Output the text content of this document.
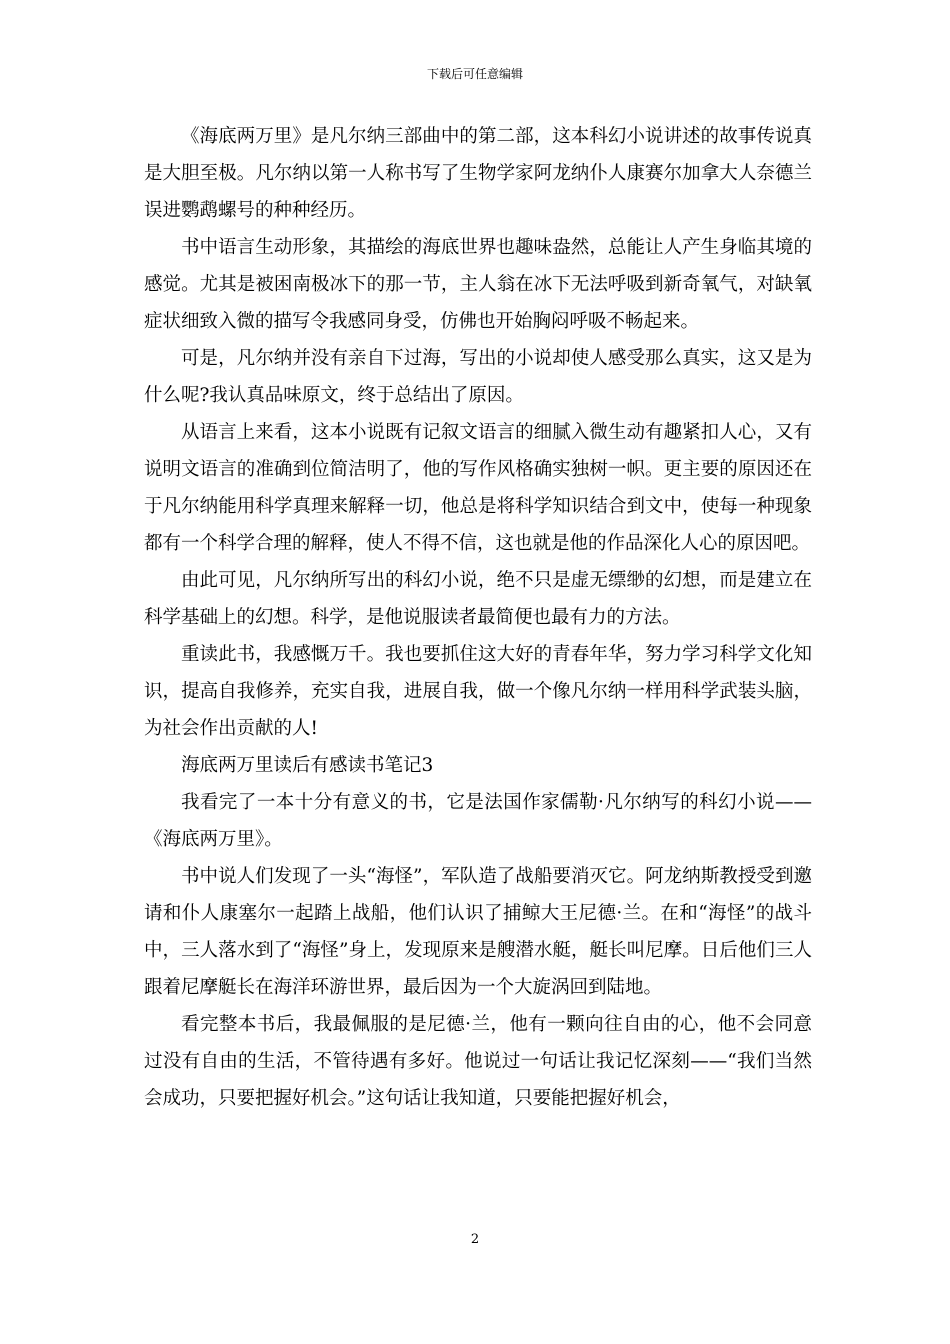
下载后可任意编辑

《海底两万里》是凡尔纳三部曲中的第二部，这本科幻小说讲述的故事传说真是大胆至极。凡尔纳以第一人称书写了生物学家阿龙纳仆人康赛尔加拿大人奈德兰误进鹦鹉螺号的种种经历。

书中语言生动形象，其描绘的海底世界也趣味盎然，总能让人产生身临其境的感觉。尤其是被困南极冰下的那一节，主人翁在冰下无法呼吸到新奇氧气，对缺氧症状细致入微的描写令我感同身受，仿佛也开始胸闷呼吸不畅起来。

可是，凡尔纳并没有亲自下过海，写出的小说却使人感受那么真实，这又是为什么呢?我认真品味原文，终于总结出了原因。

从语言上来看，这本小说既有记叙文语言的细腻入微生动有趣紧扣人心，又有说明文语言的准确到位简洁明了，他的写作风格确实独树一帜。更主要的原因还在于凡尔纳能用科学真理来解释一切，他总是将科学知识结合到文中，使每一种现象都有一个科学合理的解释，使人不得不信，这也就是他的作品深化人心的原因吧。

由此可见，凡尔纳所写出的科幻小说，绝不只是虚无缥缈的幻想，而是建立在科学基础上的幻想。科学，是他说服读者最简便也最有力的方法。

重读此书，我感慨万千。我也要抓住这大好的青春年华，努力学习科学文化知识，提高自我修养，充实自我，进展自我，做一个像凡尔纳一样用科学武装头脑，为社会作出贡献的人!

海底两万里读后有感读书笔记3

我看完了一本十分有意义的书，它是法国作家儒勒·凡尔纳写的科幻小说——《海底两万里》。

书中说人们发现了一头“海怪”，军队造了战船要消灭它。阿龙纳斯教授受到邀请和仆人康塞尔一起踏上战船，他们认识了捕鲸大王尼德·兰。在和“海怪”的战斗中，三人落水到了“海怪”身上，发现原来是艘潜水艇，艇长叫尼摩。日后他们三人跟着尼摩艇长在海洋环游世界，最后因为一个大旋涡回到陆地。

看完整本书后，我最佩服的是尼德·兰，他有一颗向往自由的心，他不会同意过没有自由的生活，不管待遇有多好。他说过一句话让我记忆深刻——“我们当然会成功，只要把握好机会。”这句话让我知道，只要能把握好机会，

2
